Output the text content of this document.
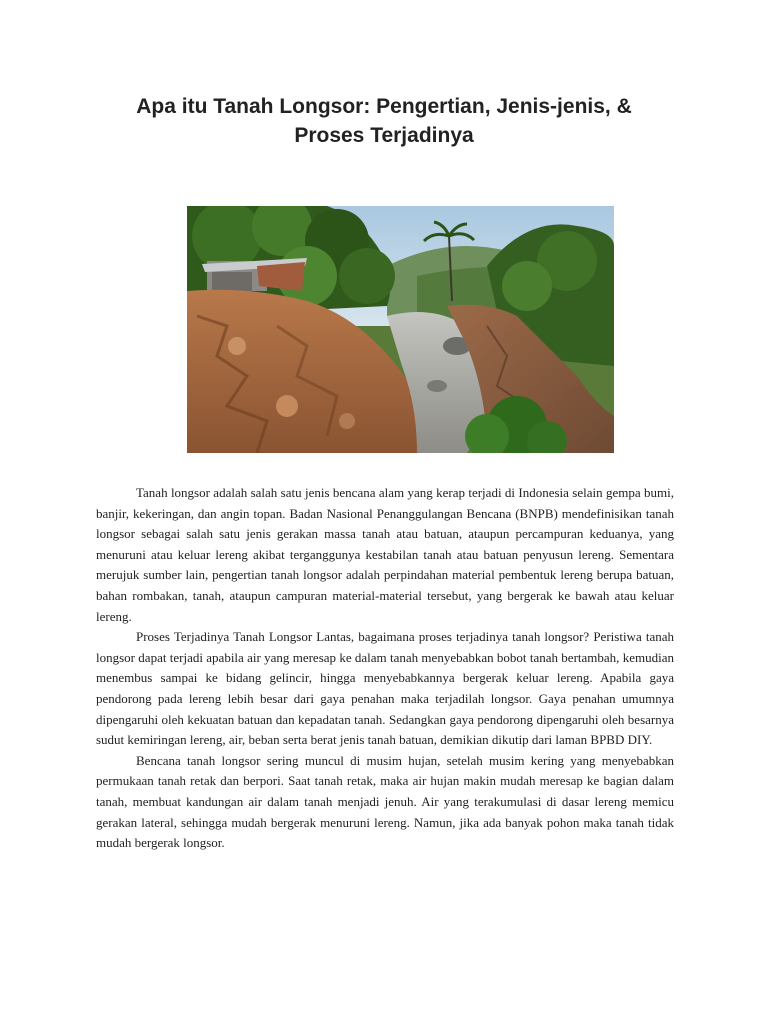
Apa itu Tanah Longsor: Pengertian, Jenis-jenis, &
Proses Terjadinya

Tanah longsor adalah salah satu jenis bencana alam yang kerap terjadi di Indonesia selain gempa bumi, banjir, kekeringan, dan angin topan. Badan Nasional Penanggulangan Bencana (BNPB) mendefinisikan tanah longsor sebagai salah satu jenis gerakan massa tanah atau batuan, ataupun percampuran keduanya, yang menuruni atau keluar lereng akibat terganggunya kestabilan tanah atau batuan penyusun lereng. Sementara merujuk sumber lain, pengertian tanah longsor adalah perpindahan material pembentuk lereng berupa batuan, bahan rombakan, tanah, ataupun campuran material-material tersebut, yang bergerak ke bawah atau keluar lereng.

Proses Terjadinya Tanah Longsor Lantas, bagaimana proses terjadinya tanah longsor? Peristiwa tanah longsor dapat terjadi apabila air yang meresap ke dalam tanah menyebabkan bobot tanah bertambah, kemudian menembus sampai ke bidang gelincir, hingga menyebabkannya bergerak keluar lereng. Apabila gaya pendorong pada lereng lebih besar dari gaya penahan maka terjadilah longsor. Gaya penahan umumnya dipengaruhi oleh kekuatan batuan dan kepadatan tanah. Sedangkan gaya pendorong dipengaruhi oleh besarnya sudut kemiringan lereng, air, beban serta berat jenis tanah batuan, demikian dikutip dari laman BPBD DIY.

Bencana tanah longsor sering muncul di musim hujan, setelah musim kering yang menyebabkan permukaan tanah retak dan berpori. Saat tanah retak, maka air hujan makin mudah meresap ke bagian dalam tanah, membuat kandungan air dalam tanah menjadi jenuh. Air yang terakumulasi di dasar lereng memicu gerakan lateral, sehingga mudah bergerak menuruni lereng. Namun, jika ada banyak pohon maka tanah tidak mudah bergerak longsor.
